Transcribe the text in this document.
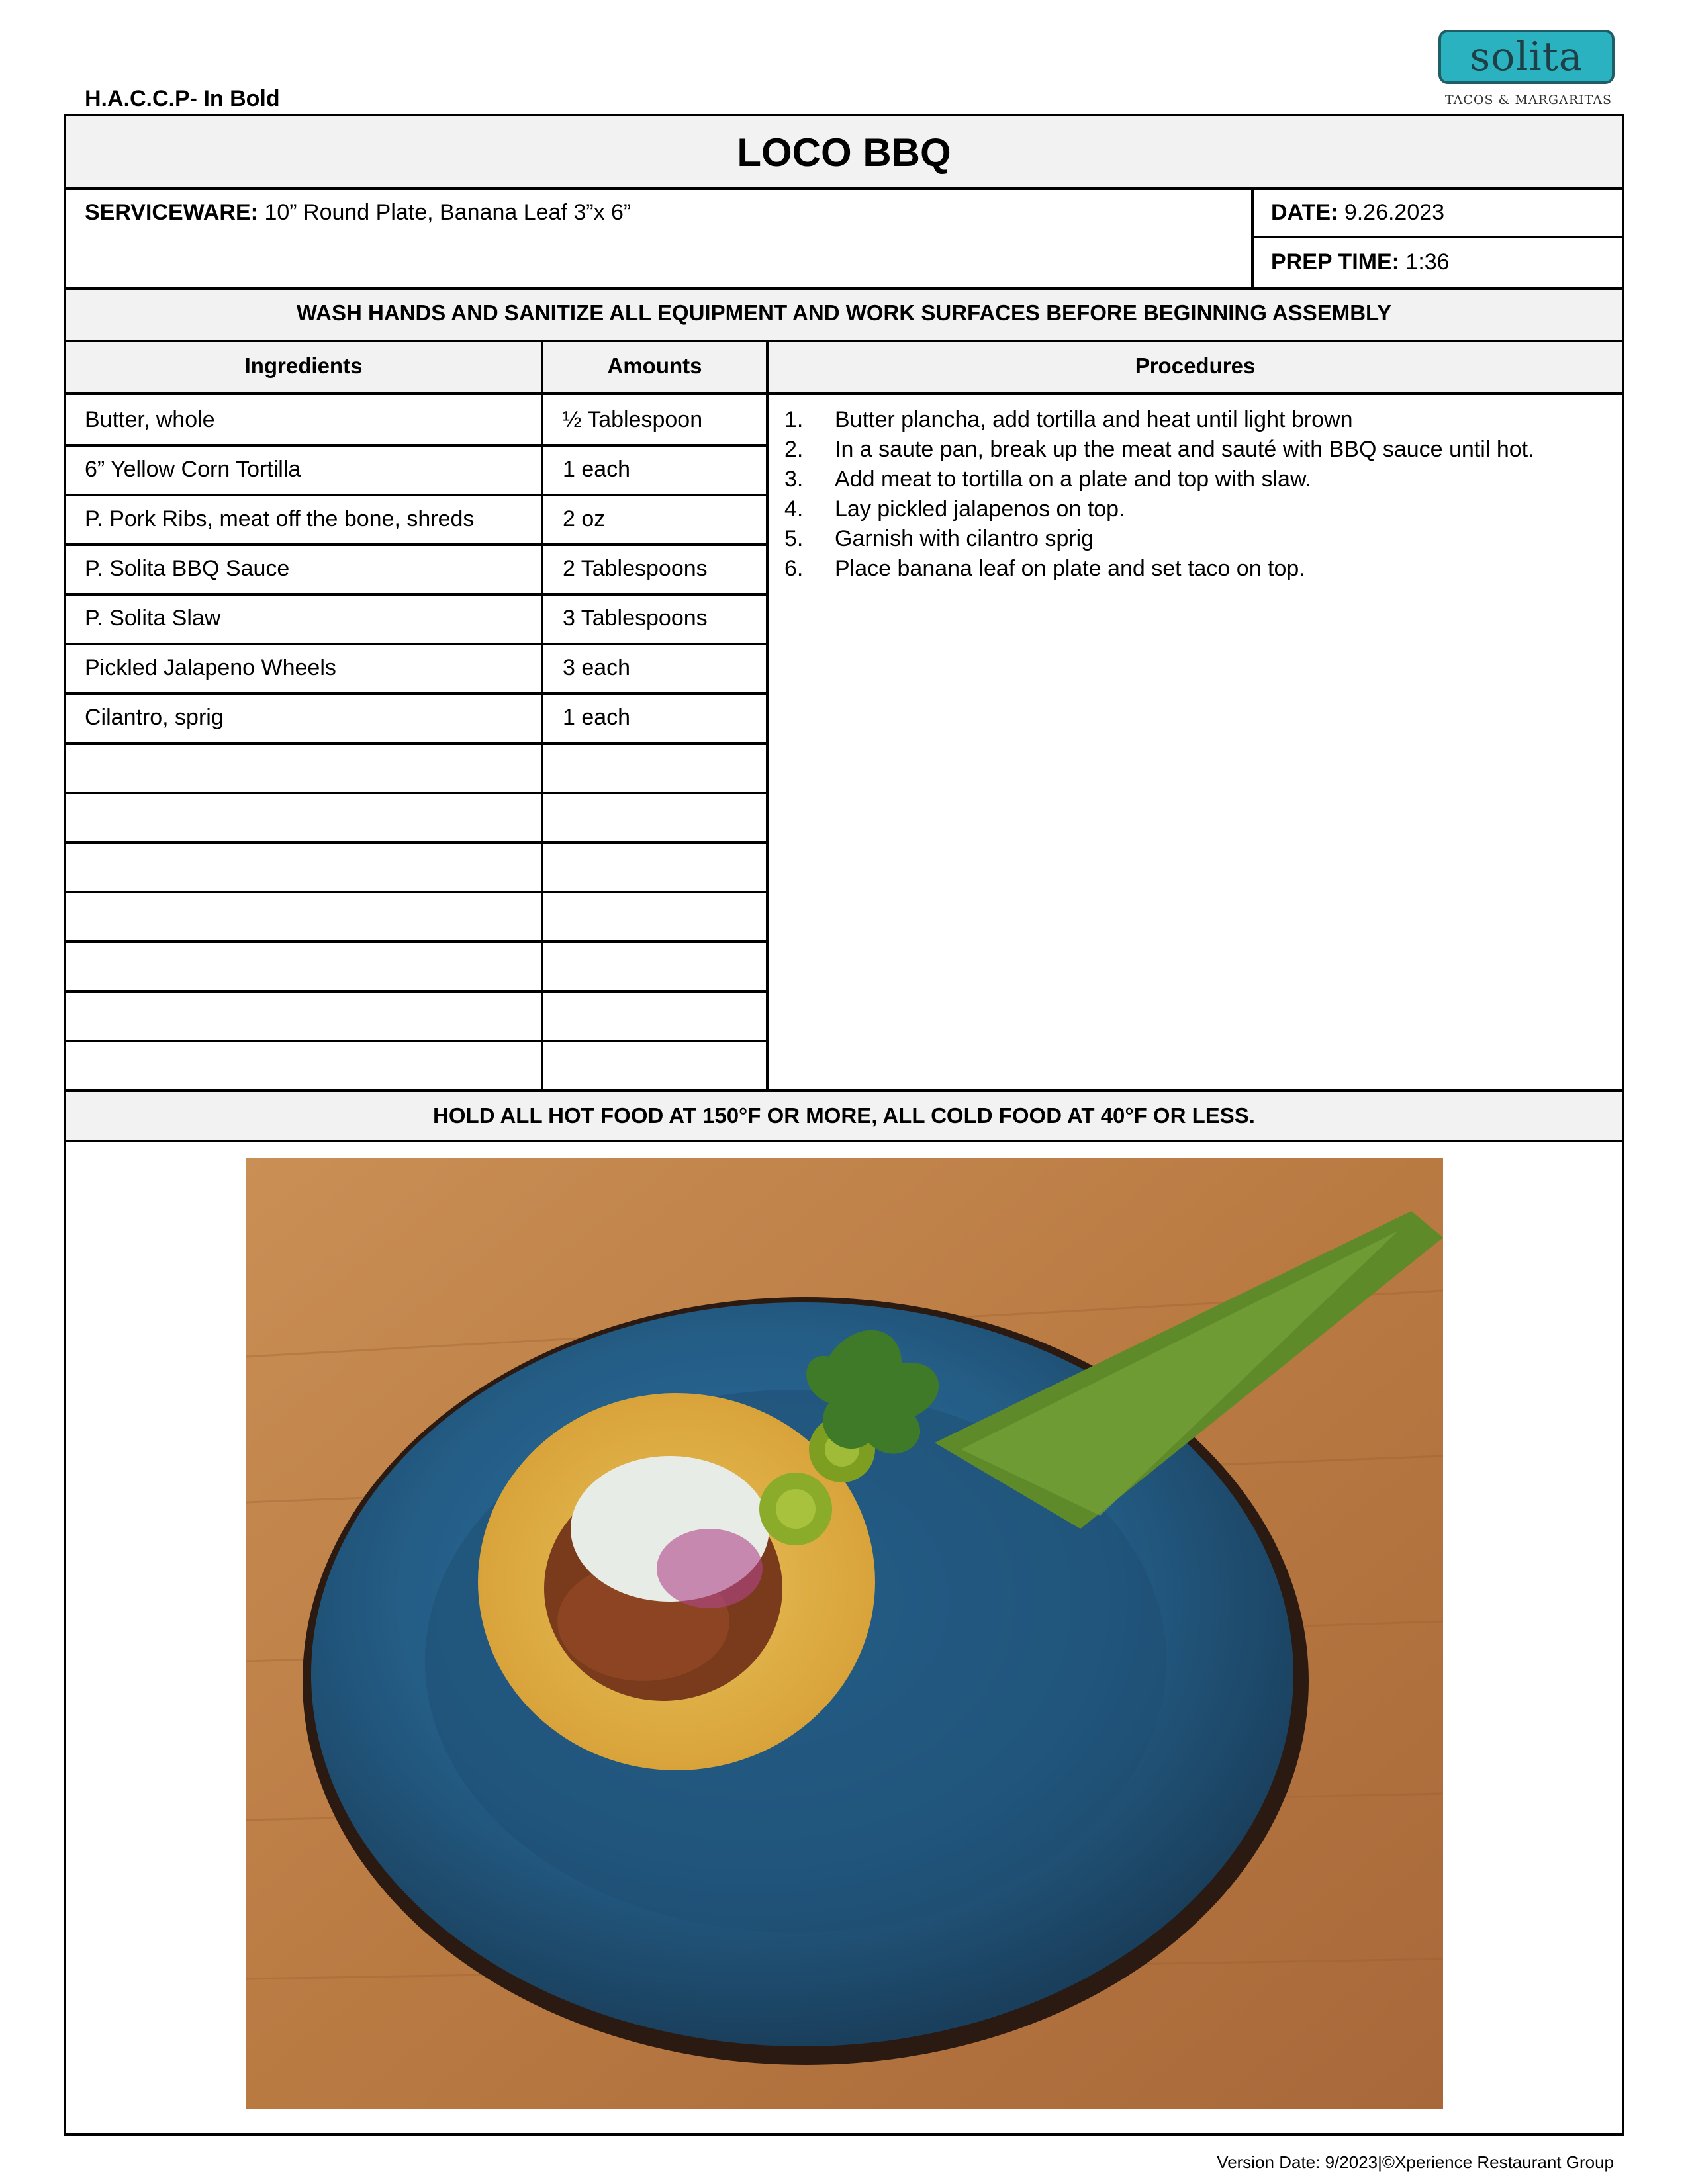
H.A.C.C.P- In Bold
solita
TACOS & MARGARITAS
LOCO BBQ
SERVICEWARE: 10” Round Plate, Banana Leaf 3”x 6”	DATE: 9.26.2023
PREP TIME: 1:36
WASH HANDS AND SANITIZE ALL EQUIPMENT AND WORK SURFACES BEFORE BEGINNING ASSEMBLY
Ingredients	Amounts	Procedures
Butter, whole	½ Tablespoon
6” Yellow Corn Tortilla	1 each
P. Pork Ribs, meat off the bone, shreds	2 oz
P. Solita BBQ Sauce	2 Tablespoons
P. Solita Slaw	3 Tablespoons
Pickled Jalapeno Wheels	3 each
Cilantro, sprig	1 each
1. Butter plancha, add tortilla and heat until light brown
2. In a saute pan, break up the meat and sauté with BBQ sauce until hot.
3. Add meat to tortilla on a plate and top with slaw.
4. Lay pickled jalapenos on top.
5. Garnish with cilantro sprig
6. Place banana leaf on plate and set taco on top.
HOLD ALL HOT FOOD AT 150°F OR MORE, ALL COLD FOOD AT 40°F OR LESS.
Version Date: 9/2023|©Xperience Restaurant Group
